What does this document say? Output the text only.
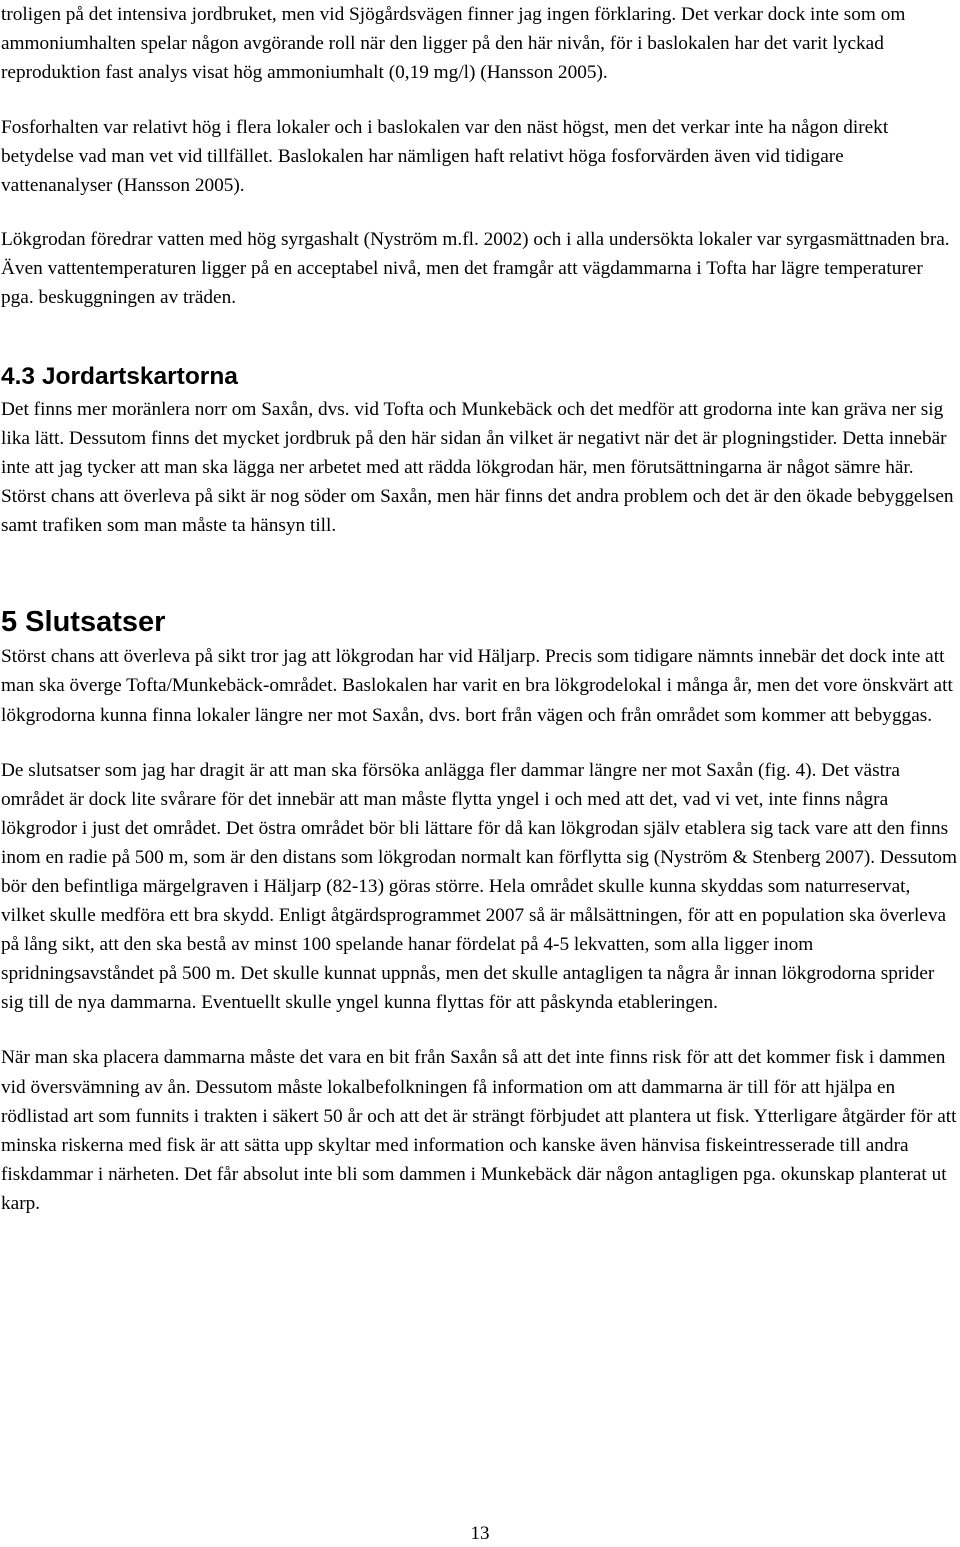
troligen på det intensiva jordbruket, men vid Sjögårdsvägen finner jag ingen förklaring. Det verkar dock inte som om ammoniumhalten spelar någon avgörande roll när den ligger på den här nivån, för i baslokalen har det varit lyckad reproduktion fast analys visat hög ammoniumhalt (0,19 mg/l) (Hansson 2005).

Fosforhalten var relativt hög i flera lokaler och i baslokalen var den näst högst, men det verkar inte ha någon direkt betydelse vad man vet vid tillfället. Baslokalen har nämligen haft relativt höga fosforvärden även vid tidigare vattenanalyser (Hansson 2005).

Lökgrodan föredrar vatten med hög syrgashalt (Nyström m.fl. 2002) och i alla undersökta lokaler var syrgasmättnaden bra. Även vattentemperaturen ligger på en acceptabel nivå, men det framgår att vägdammarna i Tofta har lägre temperaturer pga. beskuggningen av träden.

4.3 Jordartskartorna

Det finns mer moränlera norr om Saxån, dvs. vid Tofta och Munkebäck och det medför att grodorna inte kan gräva ner sig lika lätt. Dessutom finns det mycket jordbruk på den här sidan ån vilket är negativt när det är plogningstider. Detta innebär inte att jag tycker att man ska lägga ner arbetet med att rädda lökgrodan här, men förutsättningarna är något sämre här. Störst chans att överleva på sikt är nog söder om Saxån, men här finns det andra problem och det är den ökade bebyggelsen samt trafiken som man måste ta hänsyn till.

5 Slutsatser

Störst chans att överleva på sikt tror jag att lökgrodan har vid Häljarp. Precis som tidigare nämnts innebär det dock inte att man ska överge Tofta/Munkebäck-området. Baslokalen har varit en bra lökgrodelokal i många år, men det vore önskvärt att lökgrodorna kunna finna lokaler längre ner mot Saxån, dvs. bort från vägen och från området som kommer att bebyggas.

De slutsatser som jag har dragit är att man ska försöka anlägga fler dammar längre ner mot Saxån (fig. 4). Det västra området är dock lite svårare för det innebär att man måste flytta yngel i och med att det, vad vi vet, inte finns några lökgrodor i just det området. Det östra området bör bli lättare för då kan lökgrodan själv etablera sig tack vare att den finns inom en radie på 500 m, som är den distans som lökgrodan normalt kan förflytta sig (Nyström & Stenberg 2007). Dessutom bör den befintliga märgelgraven i Häljarp (82-13) göras större. Hela området skulle kunna skyddas som naturreservat, vilket skulle medföra ett bra skydd. Enligt åtgärdsprogrammet 2007 så är målsättningen, för att en population ska överleva på lång sikt, att den ska bestå av minst 100 spelande hanar fördelat på 4-5 lekvatten, som alla ligger inom spridningsavståndet på 500 m. Det skulle kunnat uppnås, men det skulle antagligen ta några år innan lökgrodorna sprider sig till de nya dammarna. Eventuellt skulle yngel kunna flyttas för att påskynda etableringen.

När man ska placera dammarna måste det vara en bit från Saxån så att det inte finns risk för att det kommer fisk i dammen vid översvämning av ån. Dessutom måste lokalbefolkningen få information om att dammarna är till för att hjälpa en rödlistad art som funnits i trakten i säkert 50 år och att det är strängt förbjudet att plantera ut fisk. Ytterligare åtgärder för att minska riskerna med fisk är att sätta upp skyltar med information och kanske även hänvisa fiskeintresserade till andra fiskdammar i närheten. Det får absolut inte bli som dammen i Munkebäck där någon antagligen pga. okunskap planterat ut karp.

13
